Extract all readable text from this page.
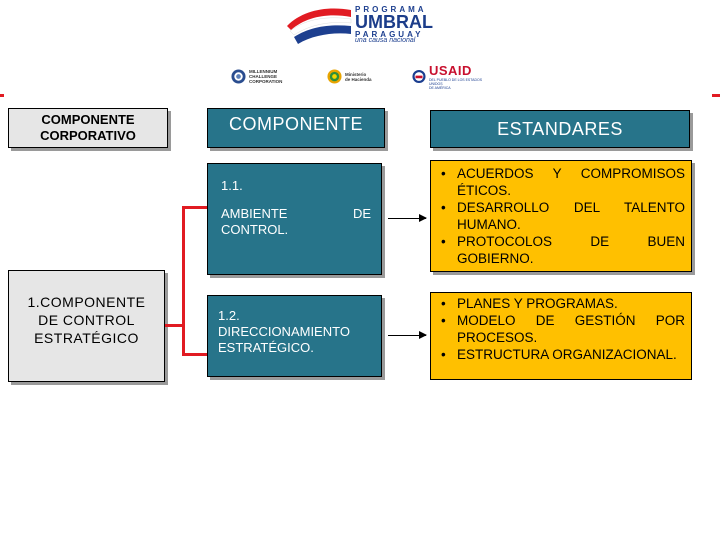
PROGRAMA
UMBRAL
PARAGUAY
una causa nacional
MILLENNIUM
CHALLENGE
CORPORATION
Ministerio
de Hacienda
USAID
DEL PUEBLO DE LOS ESTADOS UNIDOS
DE AMÉRICA
COMPONENTE
CORPORATIVO
COMPONENTE	ESTANDARES
1.COMPONENTE
DE CONTROL
ESTRATÉGICO
1.1.
AMBIENTE	DE
CONTROL.
1.2.
DIRECCIONAMIENTO
ESTRATÉGICO.
• ACUERDOS Y COMPROMISOS ÉTICOS.
• DESARROLLO DEL TALENTO HUMANO.
• PROTOCOLOS DE BUEN GOBIERNO.
• PLANES Y PROGRAMAS.
• MODELO DE GESTIÓN POR PROCESOS.
• ESTRUCTURA ORGANIZACIONAL.
